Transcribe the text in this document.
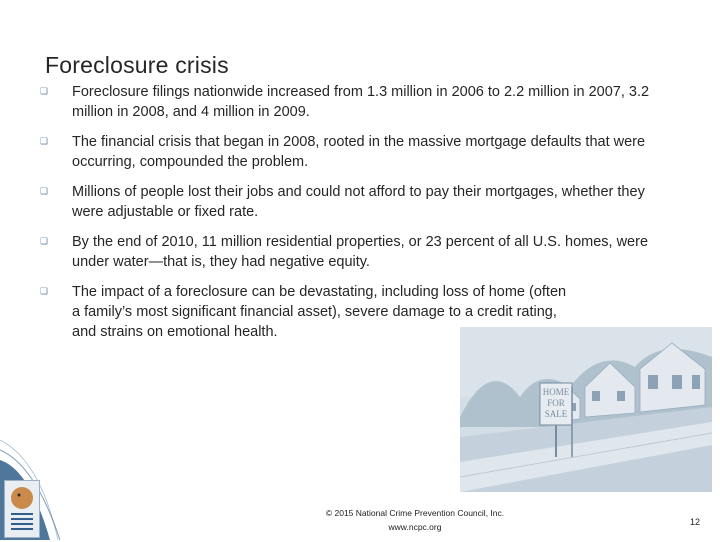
Foreclosure crisis
❏ Foreclosure filings nationwide increased from 1.3 million in 2006 to 2.2 million in 2007, 3.2 million in 2008, and 4 million in 2009.
❏ The financial crisis that began in 2008, rooted in the massive mortgage defaults that were occurring, compounded the problem.
❏ Millions of people lost their jobs and could not afford to pay their mortgages, whether they were adjustable or fixed rate.
❏ By the end of 2010, 11 million residential properties, or 23 percent of all U.S. homes, were under water—that is, they had negative equity.
❏ The impact of a foreclosure can be devastating, including loss of home (often a family’s most significant financial asset), severe damage to a credit rating, and strains on emotional health.
HOME
FOR
SALE
© 2015 National Crime Prevention Council, Inc.
www.ncpc.org	12
